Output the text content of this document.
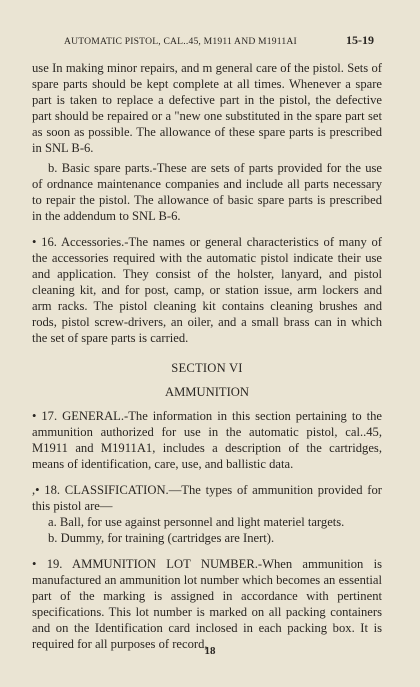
AUTOMATIC PISTOL, CAL..45, M1911 AND M1911AI	15-19

use In making minor repairs, and m general care of the pistol. Sets of spare parts should be kept complete at all times. Whenever a spare part is taken to replace a defective part in the pistol, the defective part should be repaired or a "new one substituted in the spare part set as soon as possible. The allowance of these spare parts is prescribed in SNL B-6.

b. Basic spare parts.-These are sets of parts provided for the use of ordnance maintenance companies and include all parts necessary to repair the pistol. The allowance of basic spare parts is prescribed in the addendum to SNL B-6.

• 16. Accessories.-The names or general characteristics of many of the accessories required with the automatic pistol indicate their use and application. They consist of the holster, lanyard, and pistol cleaning kit, and for post, camp, or station issue, arm lockers and arm racks. The pistol cleaning kit contains cleaning brushes and rods, pistol screw-drivers, an oiler, and a small brass can in which the set of spare parts is carried.

SECTION VI

AMMUNITION

• 17. GENERAL.-The information in this section pertaining to the ammunition authorized for use in the automatic pistol, cal..45, M1911 and M1911A1, includes a description of the cartridges, means of identification, care, use, and ballistic data.

,• 18. CLASSIFICATION.—The types of ammunition provided for this pistol are—

a. Ball, for use against personnel and light materiel targets.

b. Dummy, for training (cartridges are Inert).

• 19. AMMUNITION LOT NUMBER.-When ammunition is manufactured an ammunition lot number which becomes an essential part of the marking is assigned in accordance with pertinent specifications. This lot number is marked on all packing containers and on the Identification card inclosed in each packing box. It is required for all purposes of record,

18
